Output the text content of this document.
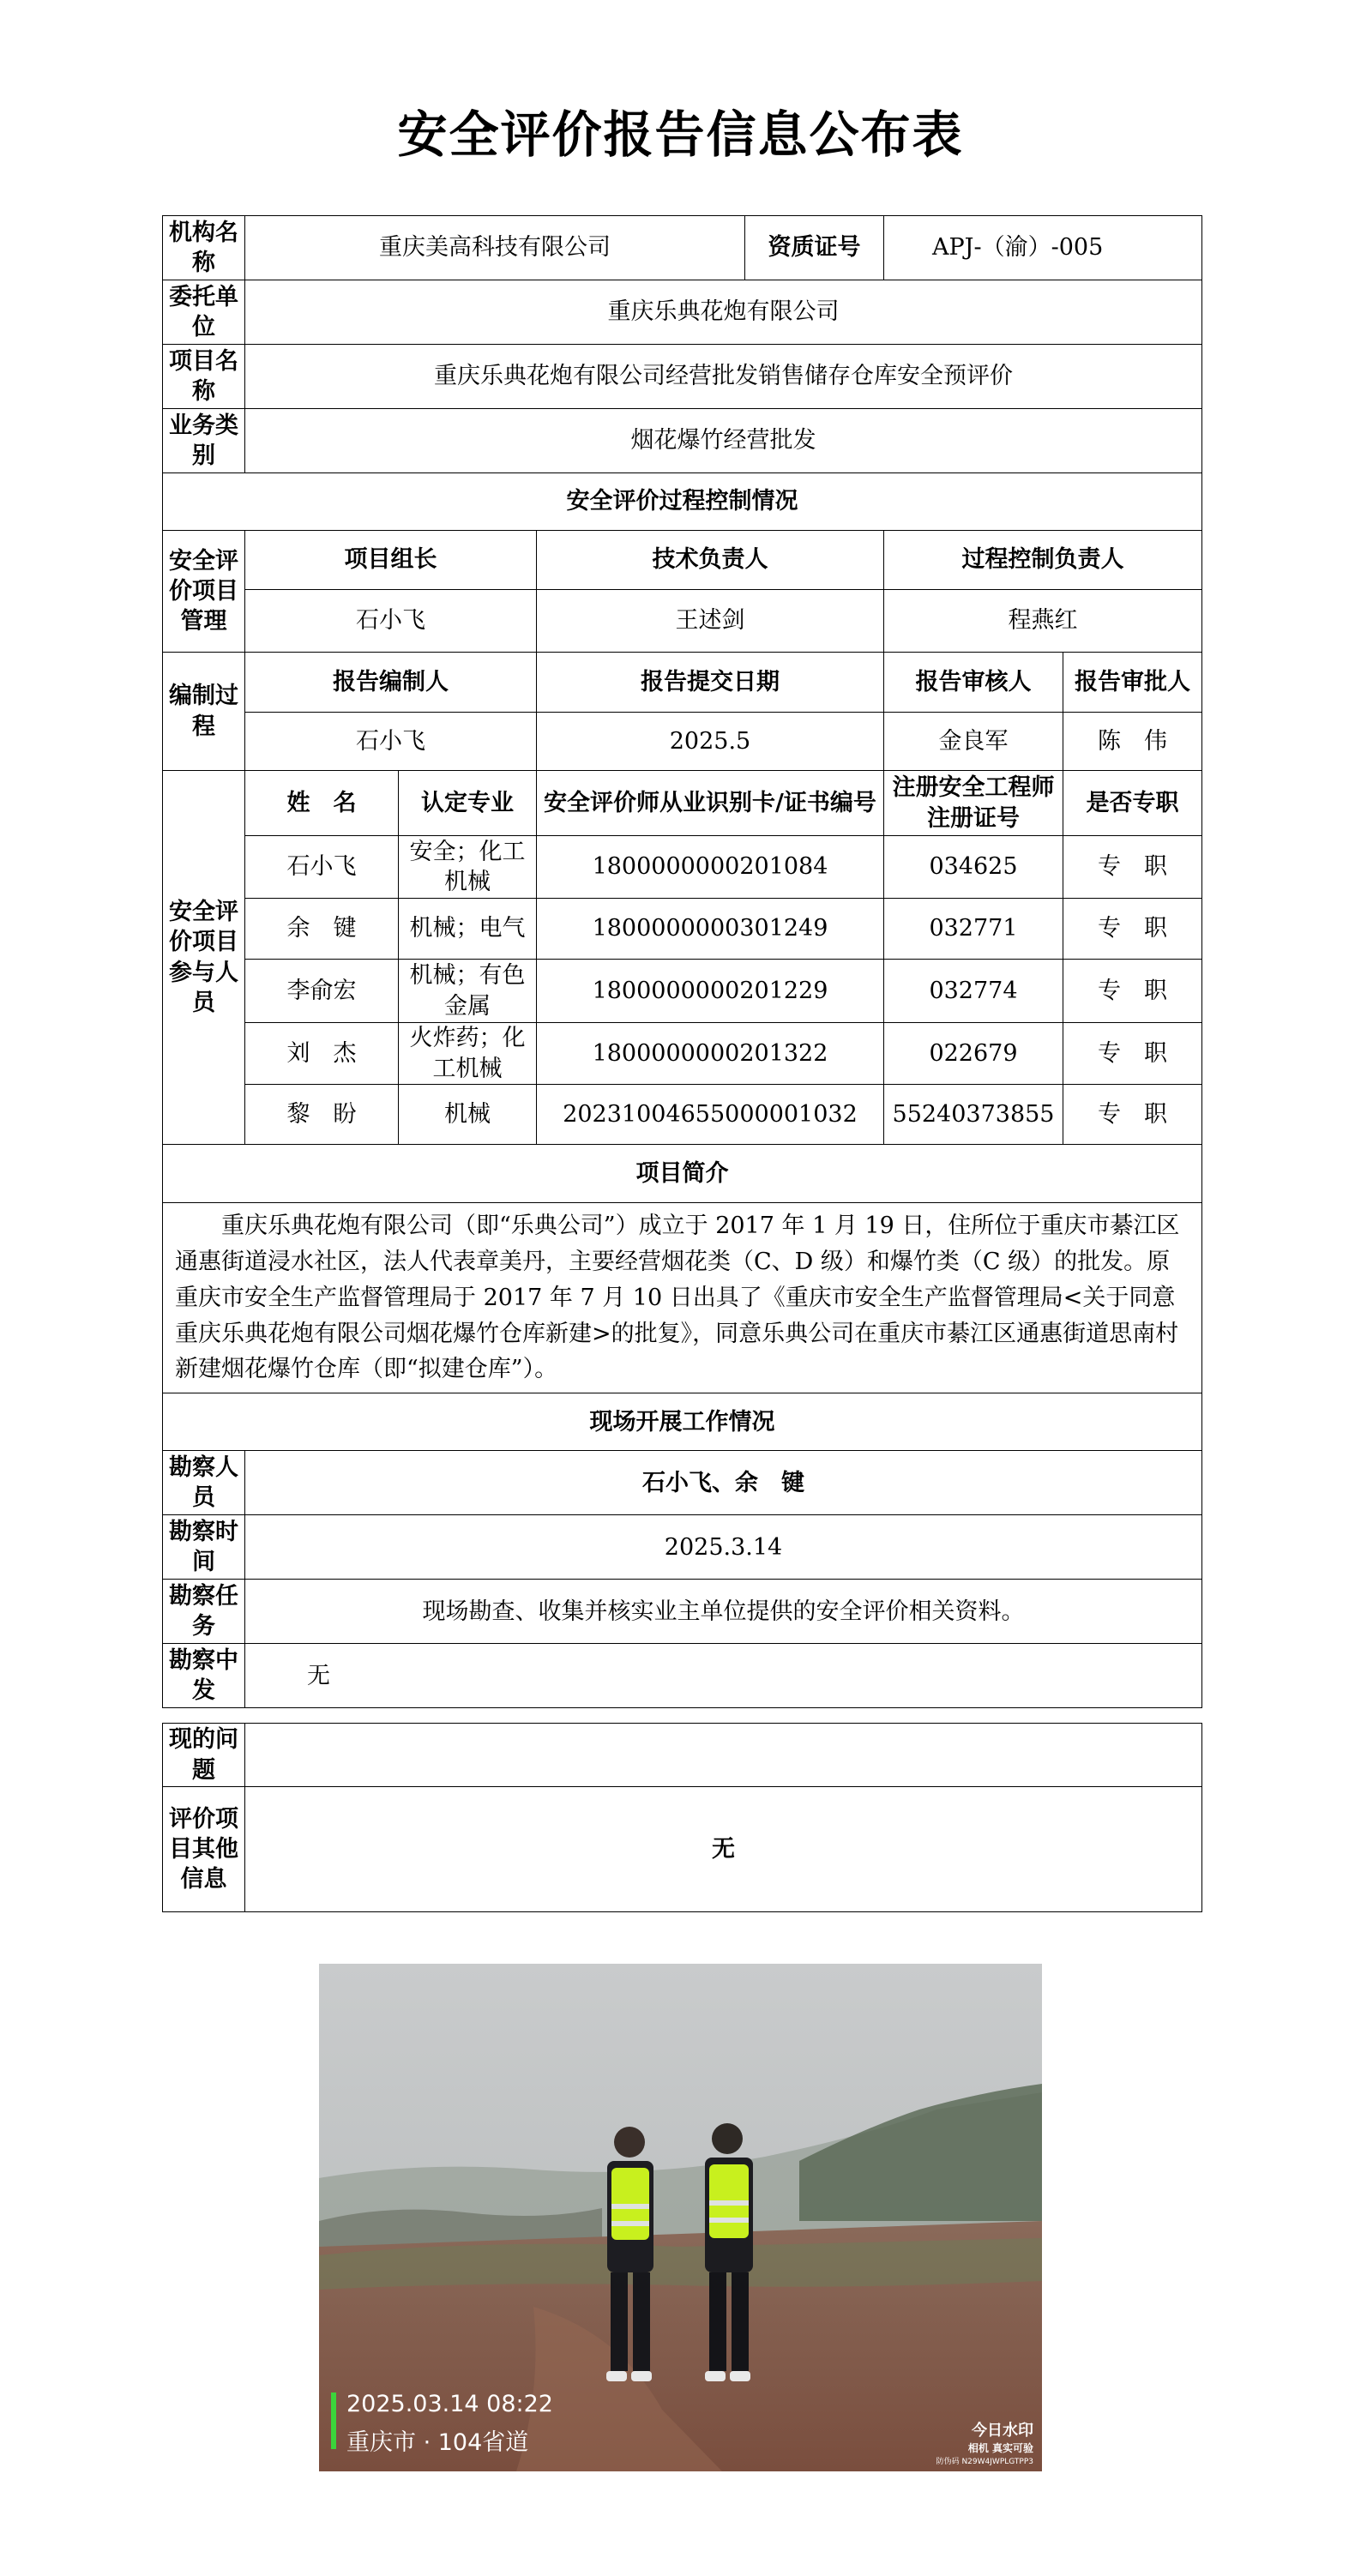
安全评价报告信息公布表
机构名称	重庆美高科技有限公司			资质证号	APJ-（渝）-005	
委托单位	重庆乐典花炮有限公司					
项目名称	重庆乐典花炮有限公司经营批发销售储存仓库安全预评价					
业务类别	烟花爆竹经营批发					
安全评价过程控制情况						
安全评价项目管理	项目组长		技术负责人		过程控制负责人	
	石小飞		王述剑		程燕红	
编制过程	报告编制人		报告提交日期		报告审核人	报告审批人
	石小飞		2025.5		金良军	陈　伟
安全评价项目参与人员	姓　名	认定专业	安全评价师从业识别卡/证书编号		注册安全工程师注册证号	是否专职
	石小飞	安全；化工机械	1800000000201084		034625	专　职
	余　键	机械；电气	1800000000301249		032771	专　职
	李俞宏	机械；有色金属	1800000000201229		032774	专　职
	刘　杰	火炸药；化工机械	1800000000201322		022679	专　职
	黎　盼	机械	20231004655000001032		55240373855	专　职
项目简介						
重庆乐典花炮有限公司（即“乐典公司”）成立于 2017 年 1 月 19 日，住所位于重庆市綦江区通惠街道浸水社区，法人代表章美丹，主要经营烟花类（C、D 级）和爆竹类（C 级）的批发。原重庆市安全生产监督管理局于 2017 年 7 月 10 日出具了《重庆市安全生产监督管理局<关于同意重庆乐典花炮有限公司烟花爆竹仓库新建>的批复》，同意乐典公司在重庆市綦江区通惠街道思南村新建烟花爆竹仓库（即“拟建仓库”）。						
现场开展工作情况						
勘察人员	石小飞、余　键					
勘察时间	2025.3.14					
勘察任务	现场勘查、收集并核实业主单位提供的安全评价相关资料。					
勘察中发	无					
现的问题	
评价项目其他信息	无
2025.03.14 08:22
重庆市 · 104省道	今日水印
相机 真实可验
防伪码 N29W4JWPLGTPP3
